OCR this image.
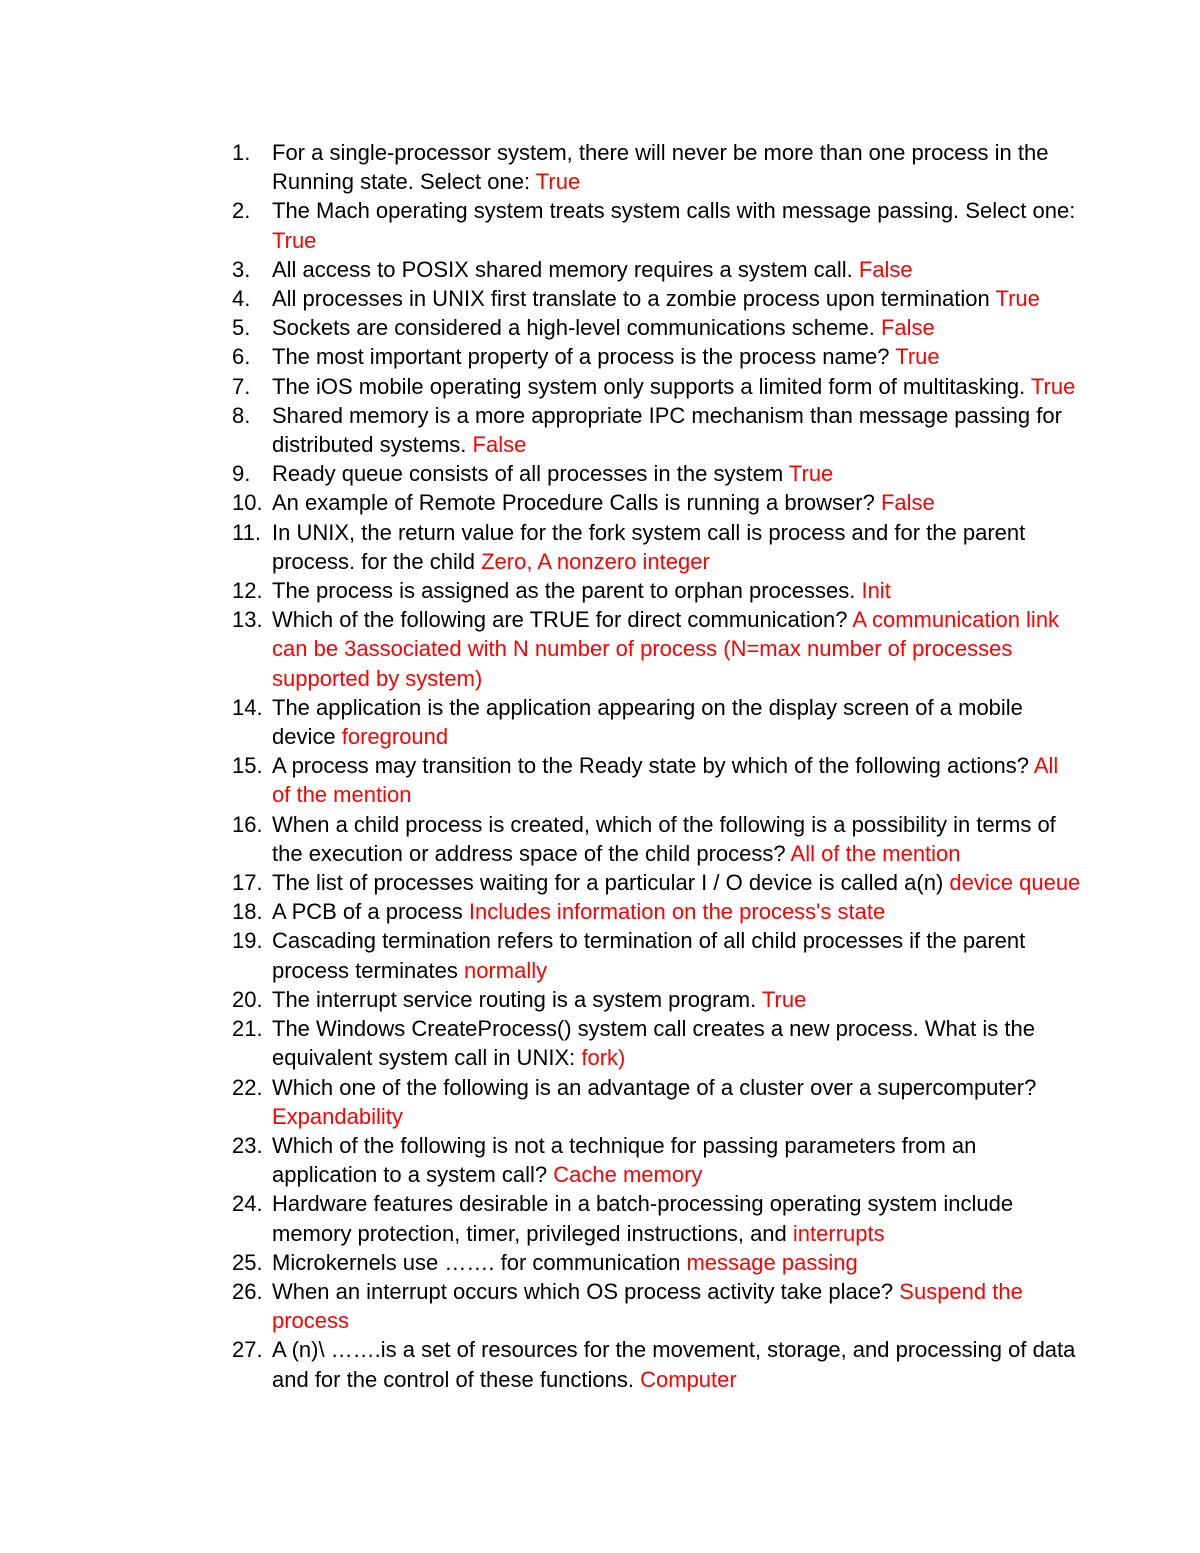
1. For a single-processor system, there will never be more than one process in the Running state. Select one: True
2. The Mach operating system treats system calls with message passing. Select one: True
3. All access to POSIX shared memory requires a system call. False
4. All processes in UNIX first translate to a zombie process upon termination True
5. Sockets are considered a high-level communications scheme. False
6. The most important property of a process is the process name? True
7. The iOS mobile operating system only supports a limited form of multitasking. True
8. Shared memory is a more appropriate IPC mechanism than message passing for distributed systems. False
9. Ready queue consists of all processes in the system True
10. An example of Remote Procedure Calls is running a browser? False
11. In UNIX, the return value for the fork system call is process and for the parent process. for the child Zero, A nonzero integer
12. The process is assigned as the parent to orphan processes. Init
13. Which of the following are TRUE for direct communication? A communication link can be 3associated with N number of process (N=max number of processes supported by system)
14. The application is the application appearing on the display screen of a mobile device foreground
15. A process may transition to the Ready state by which of the following actions? All of the mention
16. When a child process is created, which of the following is a possibility in terms of the execution or address space of the child process? All of the mention
17. The list of processes waiting for a particular I / O device is called a(n) device queue
18. A PCB of a process Includes information on the process's state
19. Cascading termination refers to termination of all child processes if the parent process terminates normally
20. The interrupt service routing is a system program. True
21. The Windows CreateProcess() system call creates a new process. What is the equivalent system call in UNIX: fork)
22. Which one of the following is an advantage of a cluster over a supercomputer? Expandability
23. Which of the following is not a technique for passing parameters from an application to a system call? Cache memory
24. Hardware features desirable in a batch-processing operating system include memory protection, timer, privileged instructions, and interrupts
25. Microkernels use ……. for communication message passing
26. When an interrupt occurs which OS process activity take place? Suspend the process
27. A (n)\ …….is a set of resources for the movement, storage, and processing of data and for the control of these functions. Computer
